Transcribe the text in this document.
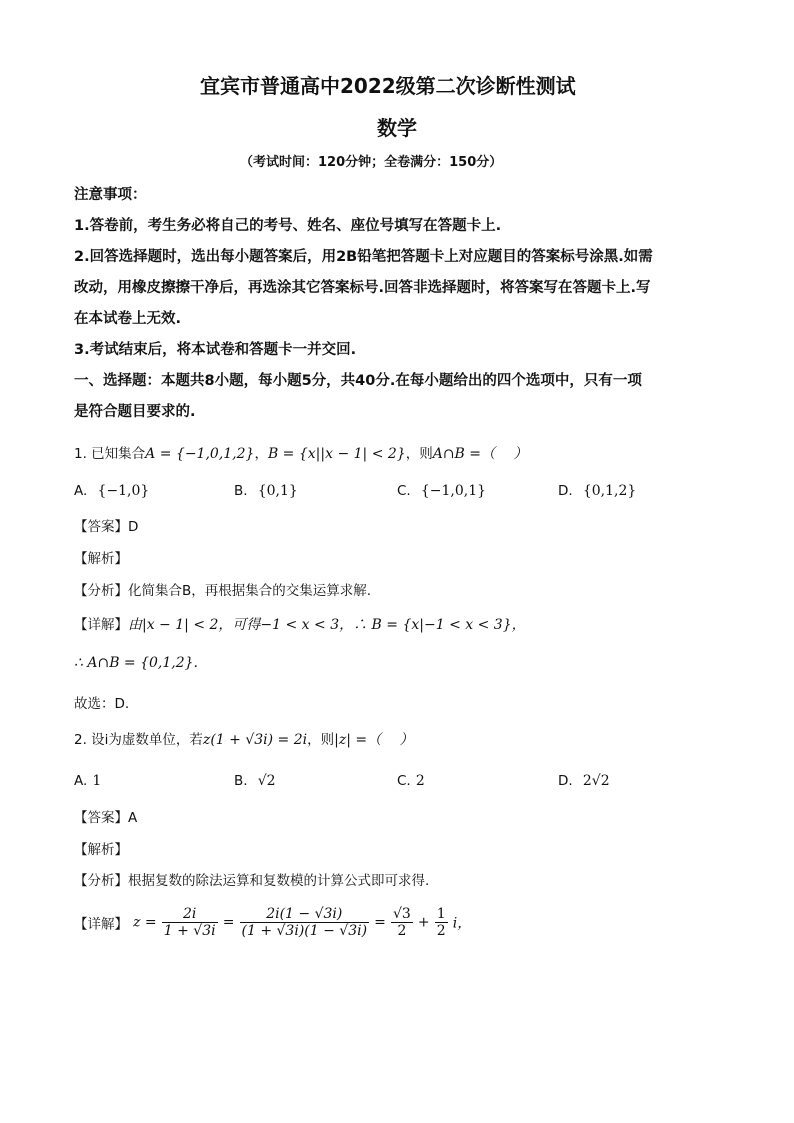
宜宾市普通高中2022级第二次诊断性测试
数学
（考试时间：120分钟；全卷满分：150分）
注意事项：
1.答卷前，考生务必将自己的考号、姓名、座位号填写在答题卡上.
2.回答选择题时，选出每小题答案后，用2B铅笔把答题卡上对应题目的答案标号涂黑.如需
改动，用橡皮擦擦干净后，再选涂其它答案标号.回答非选择题时，将答案写在答题卡上.写
在本试卷上无效.
3.考试结束后，将本试卷和答题卡一并交回.
一、选择题：本题共8小题，每小题5分，共40分.在每小题给出的四个选项中，只有一项
是符合题目要求的.
1. 已知集合A = {−1,0,1,2}，B = {x||x − 1| < 2}，则A∩B =（　 ）
A. {−1,0}	B. {0,1}	C. {−1,0,1}	D. {0,1,2}
【答案】D
【解析】
【分析】化简集合B，再根据集合的交集运算求解.
【详解】由|x − 1| < 2，可得−1 < x < 3，∴ B = {x|−1 < x < 3}，
∴ A∩B = {0,1,2}.
故选：D.
2. 设i为虚数单位，若z(1 + √3i) = 2i，则|z| =（　 ）
A. 1	B. √2	C. 2	D. 2√2
【答案】A
【解析】
【分析】根据复数的除法运算和复数模的计算公式即可求得.
【详解】 $z = \frac{2i}{1 + √3i} = \frac{2i(1 - √3i)}{(1 + √3i)(1 - √3i)} = \frac{√3}{2} + \frac{1}{2}$ i，
